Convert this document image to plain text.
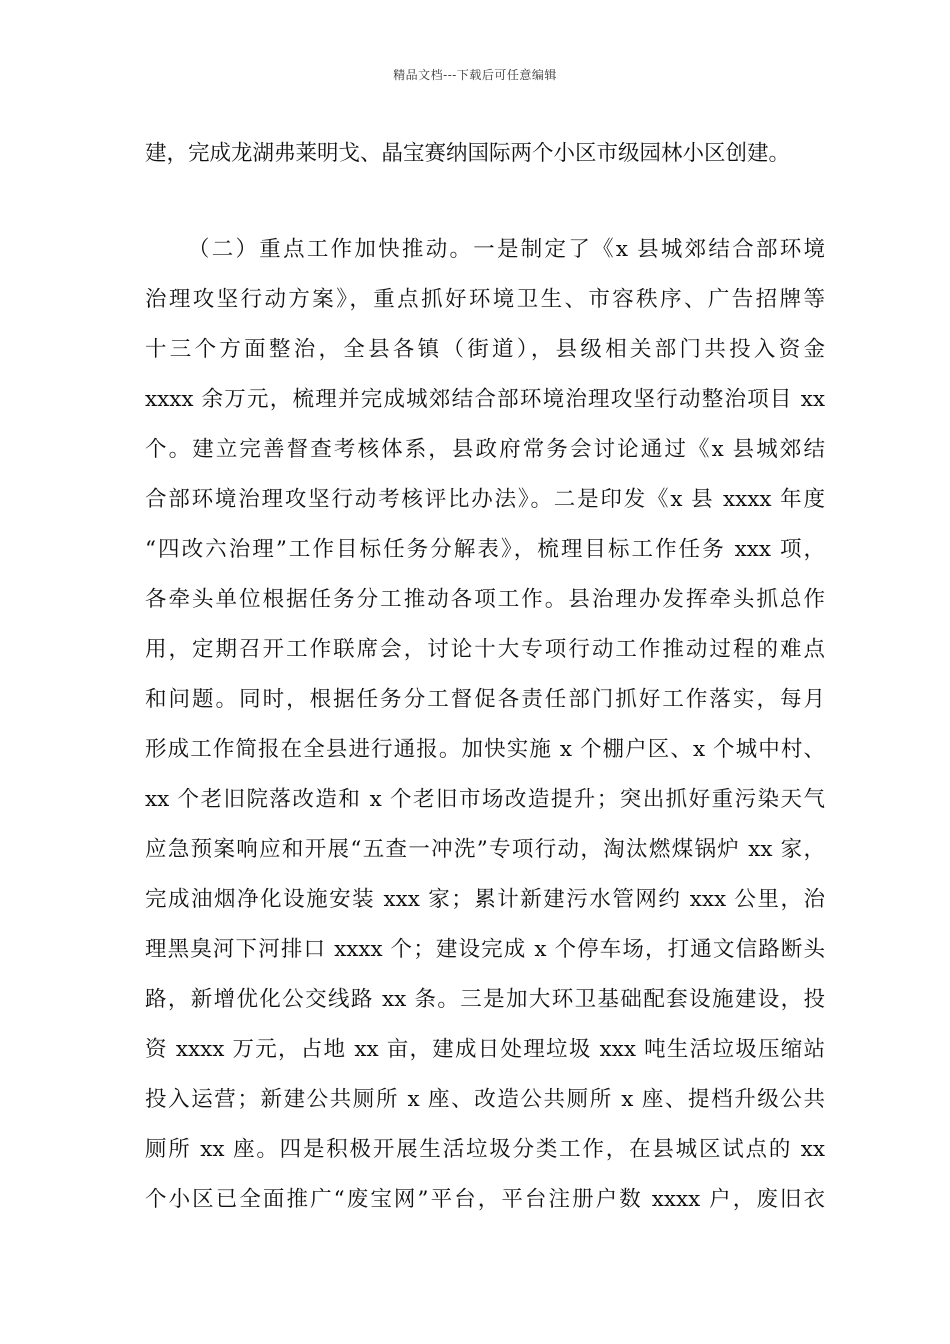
精品文档---下载后可任意编辑
建，完成龙湖弗莱明戈、晶宝赛纳国际两个小区市级园林小区创建。
（二）重点工作加快推动。一是制定了《x 县城郊结合部环境
治理攻坚行动方案》，重点抓好环境卫生、市容秩序、广告招牌等
十三个方面整治，全县各镇（街道），县级相关部门共投入资金
xxxx 余万元，梳理并完成城郊结合部环境治理攻坚行动整治项目 xx
个。建立完善督查考核体系，县政府常务会讨论通过《x 县城郊结
合部环境治理攻坚行动考核评比办法》。二是印发《x 县 xxxx 年度
“四改六治理”工作目标任务分解表》，梳理目标工作任务 xxx 项，
各牵头单位根据任务分工推动各项工作。县治理办发挥牵头抓总作
用，定期召开工作联席会，讨论十大专项行动工作推动过程的难点
和问题。同时，根据任务分工督促各责任部门抓好工作落实，每月
形成工作简报在全县进行通报。加快实施 x 个棚户区、x 个城中村、
xx 个老旧院落改造和 x 个老旧市场改造提升；突出抓好重污染天气
应急预案响应和开展“五查一冲洗”专项行动，淘汰燃煤锅炉 xx 家，
完成油烟净化设施安装 xxx 家；累计新建污水管网约 xxx 公里，治
理黑臭河下河排口 xxxx 个；建设完成 x 个停车场，打通文信路断头
路，新增优化公交线路 xx 条。三是加大环卫基础配套设施建设，投
资 xxxx 万元，占地 xx 亩，建成日处理垃圾 xxx 吨生活垃圾压缩站
投入运营；新建公共厕所 x 座、改造公共厕所 x 座、提档升级公共
厕所 xx 座。四是积极开展生活垃圾分类工作，在县城区试点的 xx
个小区已全面推广“废宝网”平台，平台注册户数 xxxx 户，废旧衣
